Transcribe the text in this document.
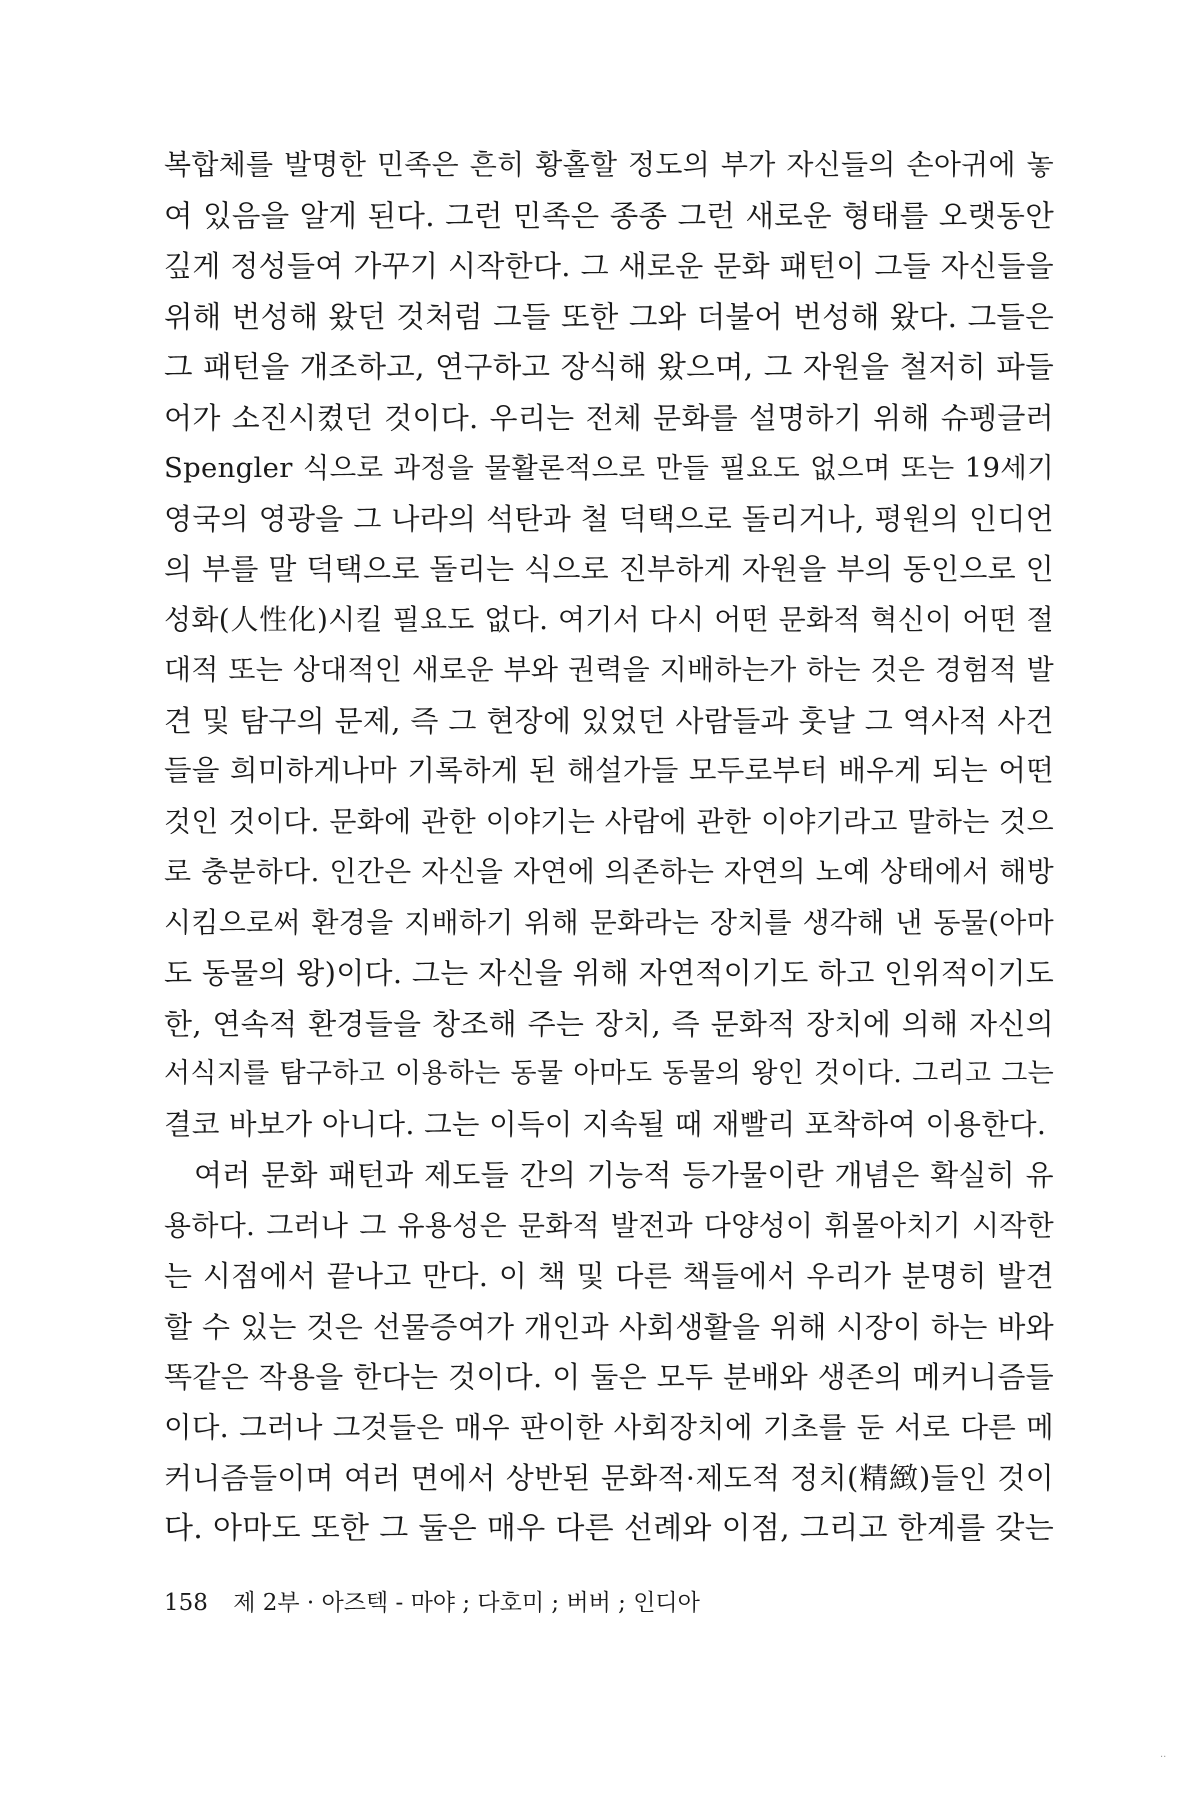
복합체를 발명한 민족은 흔히 황홀할 정도의 부가 자신들의 손아귀에 놓
여 있음을 알게 된다. 그런 민족은 종종 그런 새로운 형태를 오랫동안
깊게 정성들여 가꾸기 시작한다. 그 새로운 문화 패턴이 그들 자신들을
위해 번성해 왔던 것처럼 그들 또한 그와 더불어 번성해 왔다. 그들은
그 패턴을 개조하고, 연구하고 장식해 왔으며, 그 자원을 철저히 파들
어가 소진시켰던 것이다. 우리는 전체 문화를 설명하기 위해 슈펭글러
Spengler 식으로 과정을 물활론적으로 만들 필요도 없으며 또는 19세기
영국의 영광을 그 나라의 석탄과 철 덕택으로 돌리거나, 평원의 인디언
의 부를 말 덕택으로 돌리는 식으로 진부하게 자원을 부의 동인으로 인
성화(人性化)시킬 필요도 없다. 여기서 다시 어떤 문화적 혁신이 어떤 절
대적 또는 상대적인 새로운 부와 권력을 지배하는가 하는 것은 경험적 발
견 및 탐구의 문제, 즉 그 현장에 있었던 사람들과 훗날 그 역사적 사건
들을 희미하게나마 기록하게 된 해설가들 모두로부터 배우게 되는 어떤
것인 것이다. 문화에 관한 이야기는 사람에 관한 이야기라고 말하는 것으
로 충분하다. 인간은 자신을 자연에 의존하는 자연의 노예 상태에서 해방
시킴으로써 환경을 지배하기 위해 문화라는 장치를 생각해 낸 동물(아마
도 동물의 왕)이다. 그는 자신을 위해 자연적이기도 하고 인위적이기도
한, 연속적 환경들을 창조해 주는 장치, 즉 문화적 장치에 의해 자신의
서식지를 탐구하고 이용하는 동물 아마도 동물의 왕인 것이다. 그리고 그는
결코 바보가 아니다. 그는 이득이 지속될 때 재빨리 포착하여 이용한다.
여러 문화 패턴과 제도들 간의 기능적 등가물이란 개념은 확실히 유
용하다. 그러나 그 유용성은 문화적 발전과 다양성이 휘몰아치기 시작한
는 시점에서 끝나고 만다. 이 책 및 다른 책들에서 우리가 분명히 발견
할 수 있는 것은 선물증여가 개인과 사회생활을 위해 시장이 하는 바와
똑같은 작용을 한다는 것이다. 이 둘은 모두 분배와 생존의 메커니즘들
이다. 그러나 그것들은 매우 판이한 사회장치에 기초를 둔 서로 다른 메
커니즘들이며 여러 면에서 상반된 문화적·제도적 정치(精緻)들인 것이
다. 아마도 또한 그 둘은 매우 다른 선례와 이점, 그리고 한계를 갖는
158 제 2부 · 아즈텍 - 마야 ; 다호미 ; 버버 ; 인디아
··
